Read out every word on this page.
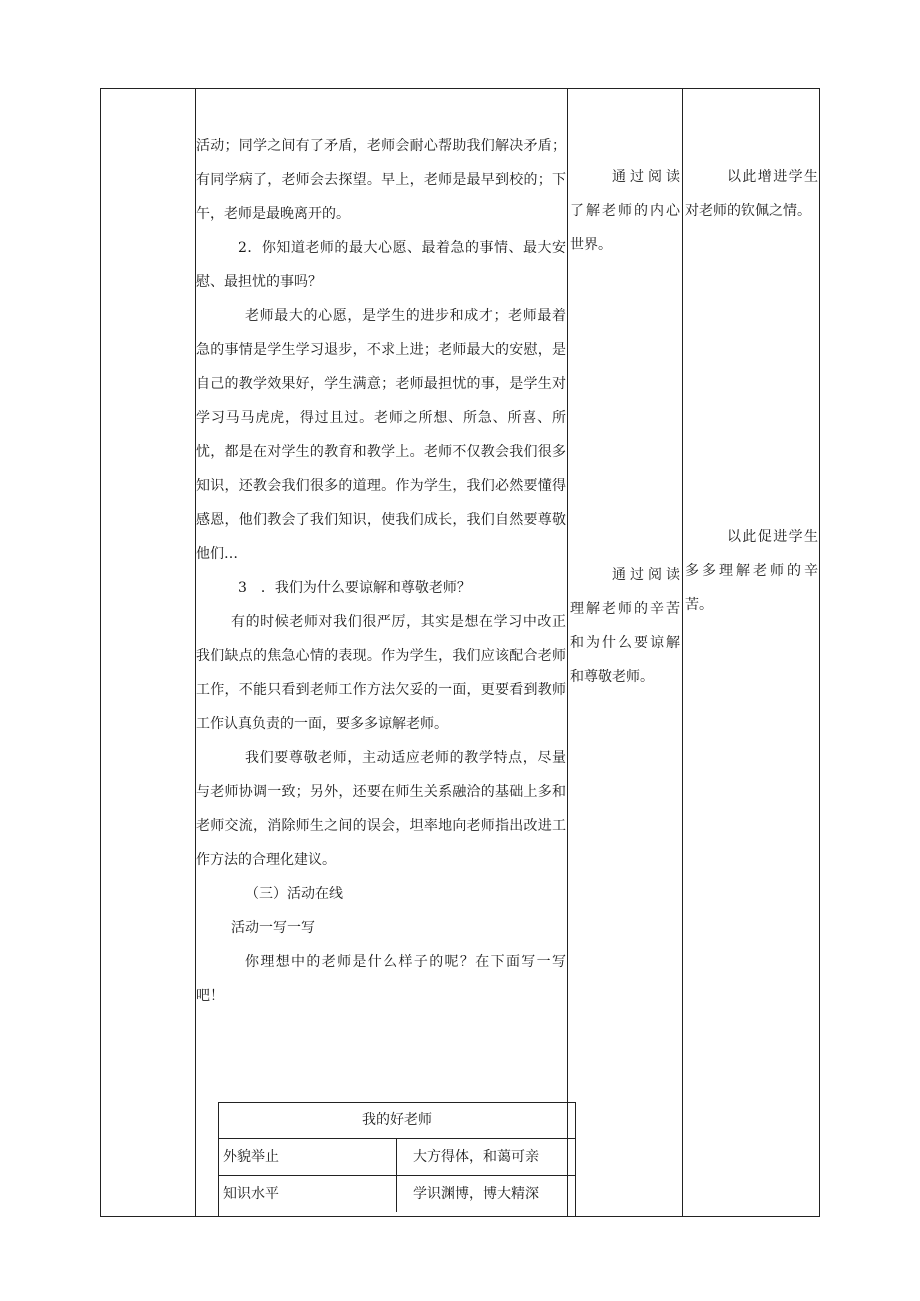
活动；同学之间有了矛盾，老师会耐心帮助我们解决矛盾；有同学病了，老师会去探望。早上，老师是最早到校的；下午，老师是最晚离开的。

2．你知道老师的最大心愿、最着急的事情、最大安慰、最担忧的事吗？

老师最大的心愿，是学生的进步和成才；老师最着急的事情是学生学习退步，不求上进；老师最大的安慰，是自己的教学效果好，学生满意；老师最担忧的事，是学生对学习马马虎虎，得过且过。老师之所想、所急、所喜、所忧，都是在对学生的教育和教学上。老师不仅教会我们很多知识，还教会我们很多的道理。作为学生，我们必然要懂得感恩，他们教会了我们知识，使我们成长，我们自然要尊敬他们…

3　．我们为什么要谅解和尊敬老师？

有的时候老师对我们很严厉，其实是想在学习中改正我们缺点的焦急心情的表现。作为学生，我们应该配合老师工作，不能只看到老师工作方法欠妥的一面，更要看到教师工作认真负责的一面，要多多谅解老师。

我们要尊敬老师，主动适应老师的教学特点，尽量与老师协调一致；另外，还要在师生关系融洽的基础上多和老师交流，消除师生之间的误会，坦率地向老师指出改进工作方法的合理化建议。

（三）活动在线

活动一写一写

你理想中的老师是什么样子的呢？在下面写一写吧！

通过阅读了解老师的内心世界。

通过阅读理解老师的辛苦和为什么要谅解和尊敬老师。

以此增进学生对老师的钦佩之情。

以此促进学生多多理解老师的辛苦。

我的好老师
外貌举止	大方得体，和蔼可亲
知识水平	学识渊博，博大精深
